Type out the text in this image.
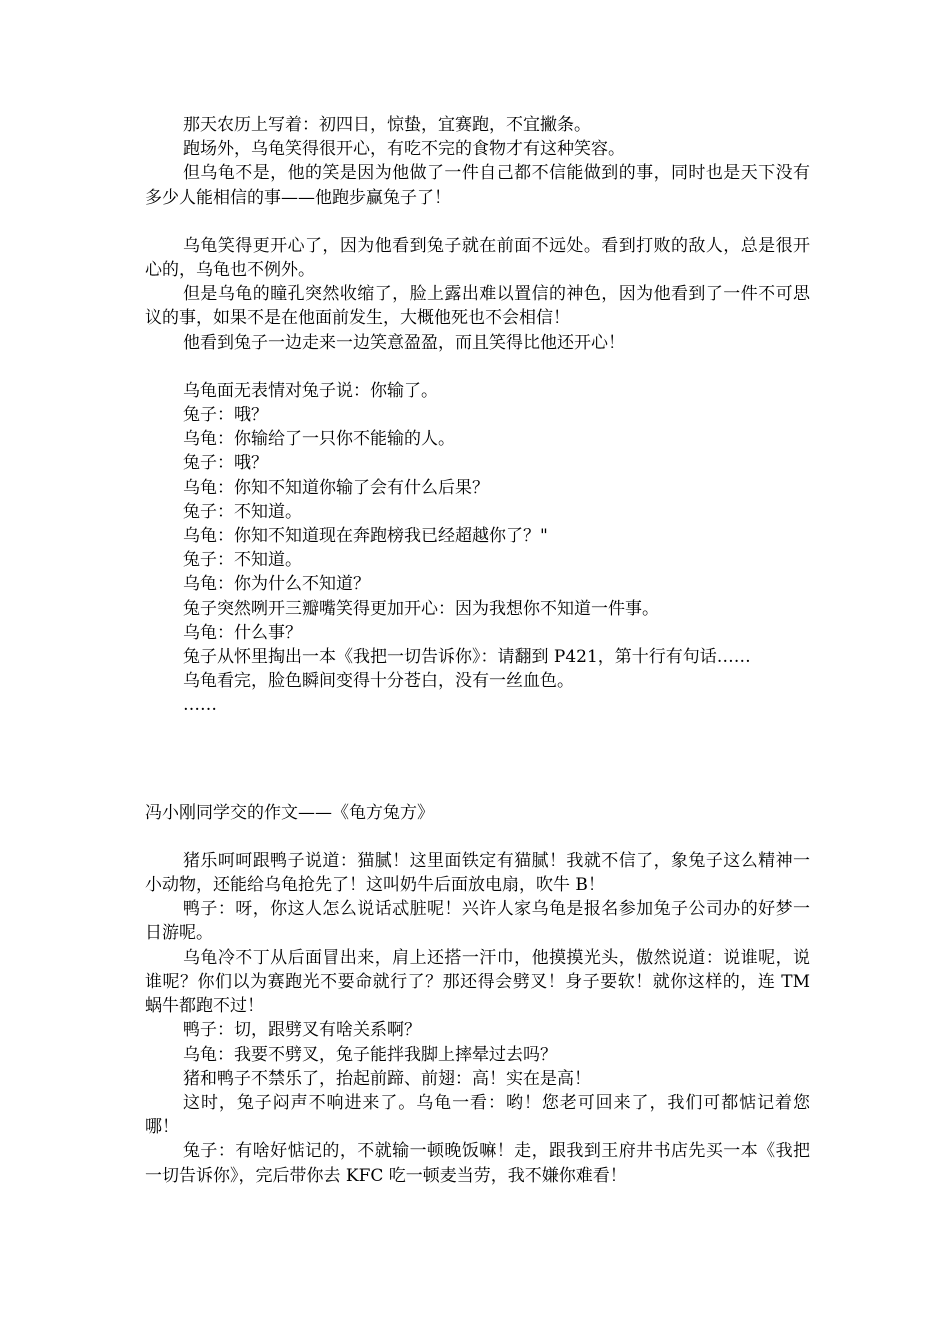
那天农历上写着：初四日，惊蛰，宜赛跑，不宜撇条。

跑场外，乌龟笑得很开心，有吃不完的食物才有这种笑容。

但乌龟不是，他的笑是因为他做了一件自己都不信能做到的事，同时也是天下没有多少人能相信的事——他跑步赢兔子了！

乌龟笑得更开心了，因为他看到兔子就在前面不远处。看到打败的敌人，总是很开心的，乌龟也不例外。

但是乌龟的瞳孔突然收缩了，脸上露出难以置信的神色，因为他看到了一件不可思议的事，如果不是在他面前发生，大概他死也不会相信！

他看到兔子一边走来一边笑意盈盈，而且笑得比他还开心！

乌龟面无表情对兔子说：你输了。

兔子：哦？

乌龟：你输给了一只你不能输的人。

兔子：哦？

乌龟：你知不知道你输了会有什么后果？

兔子：不知道。

乌龟：你知不知道现在奔跑榜我已经超越你了？"

兔子：不知道。

乌龟：你为什么不知道？

兔子突然咧开三瓣嘴笑得更加开心：因为我想你不知道一件事。

乌龟：什么事？

兔子从怀里掏出一本《我把一切告诉你》：请翻到 P421，第十行有句话……

乌龟看完，脸色瞬间变得十分苍白，没有一丝血色。

……

冯小刚同学交的作文——《龟方兔方》

猪乐呵呵跟鸭子说道：猫腻！这里面铁定有猫腻！我就不信了，象兔子这么精神一小动物，还能给乌龟抢先了！这叫奶牛后面放电扇，吹牛 B！

鸭子：呀，你这人怎么说话忒脏呢！兴许人家乌龟是报名参加兔子公司办的好梦一日游呢。

乌龟冷不丁从后面冒出来，肩上还搭一汗巾，他摸摸光头，傲然说道：说谁呢，说谁呢？你们以为赛跑光不要命就行了？那还得会劈叉！身子要软！就你这样的，连 TM 蜗牛都跑不过！

鸭子：切，跟劈叉有啥关系啊？

乌龟：我要不劈叉，兔子能拌我脚上摔晕过去吗？

猪和鸭子不禁乐了，抬起前蹄、前翅：高！实在是高！

这时，兔子闷声不响进来了。乌龟一看：哟！您老可回来了，我们可都惦记着您哪！

兔子：有啥好惦记的，不就输一顿晚饭嘛！走，跟我到王府井书店先买一本《我把一切告诉你》，完后带你去 KFC 吃一顿麦当劳，我不嫌你难看！
